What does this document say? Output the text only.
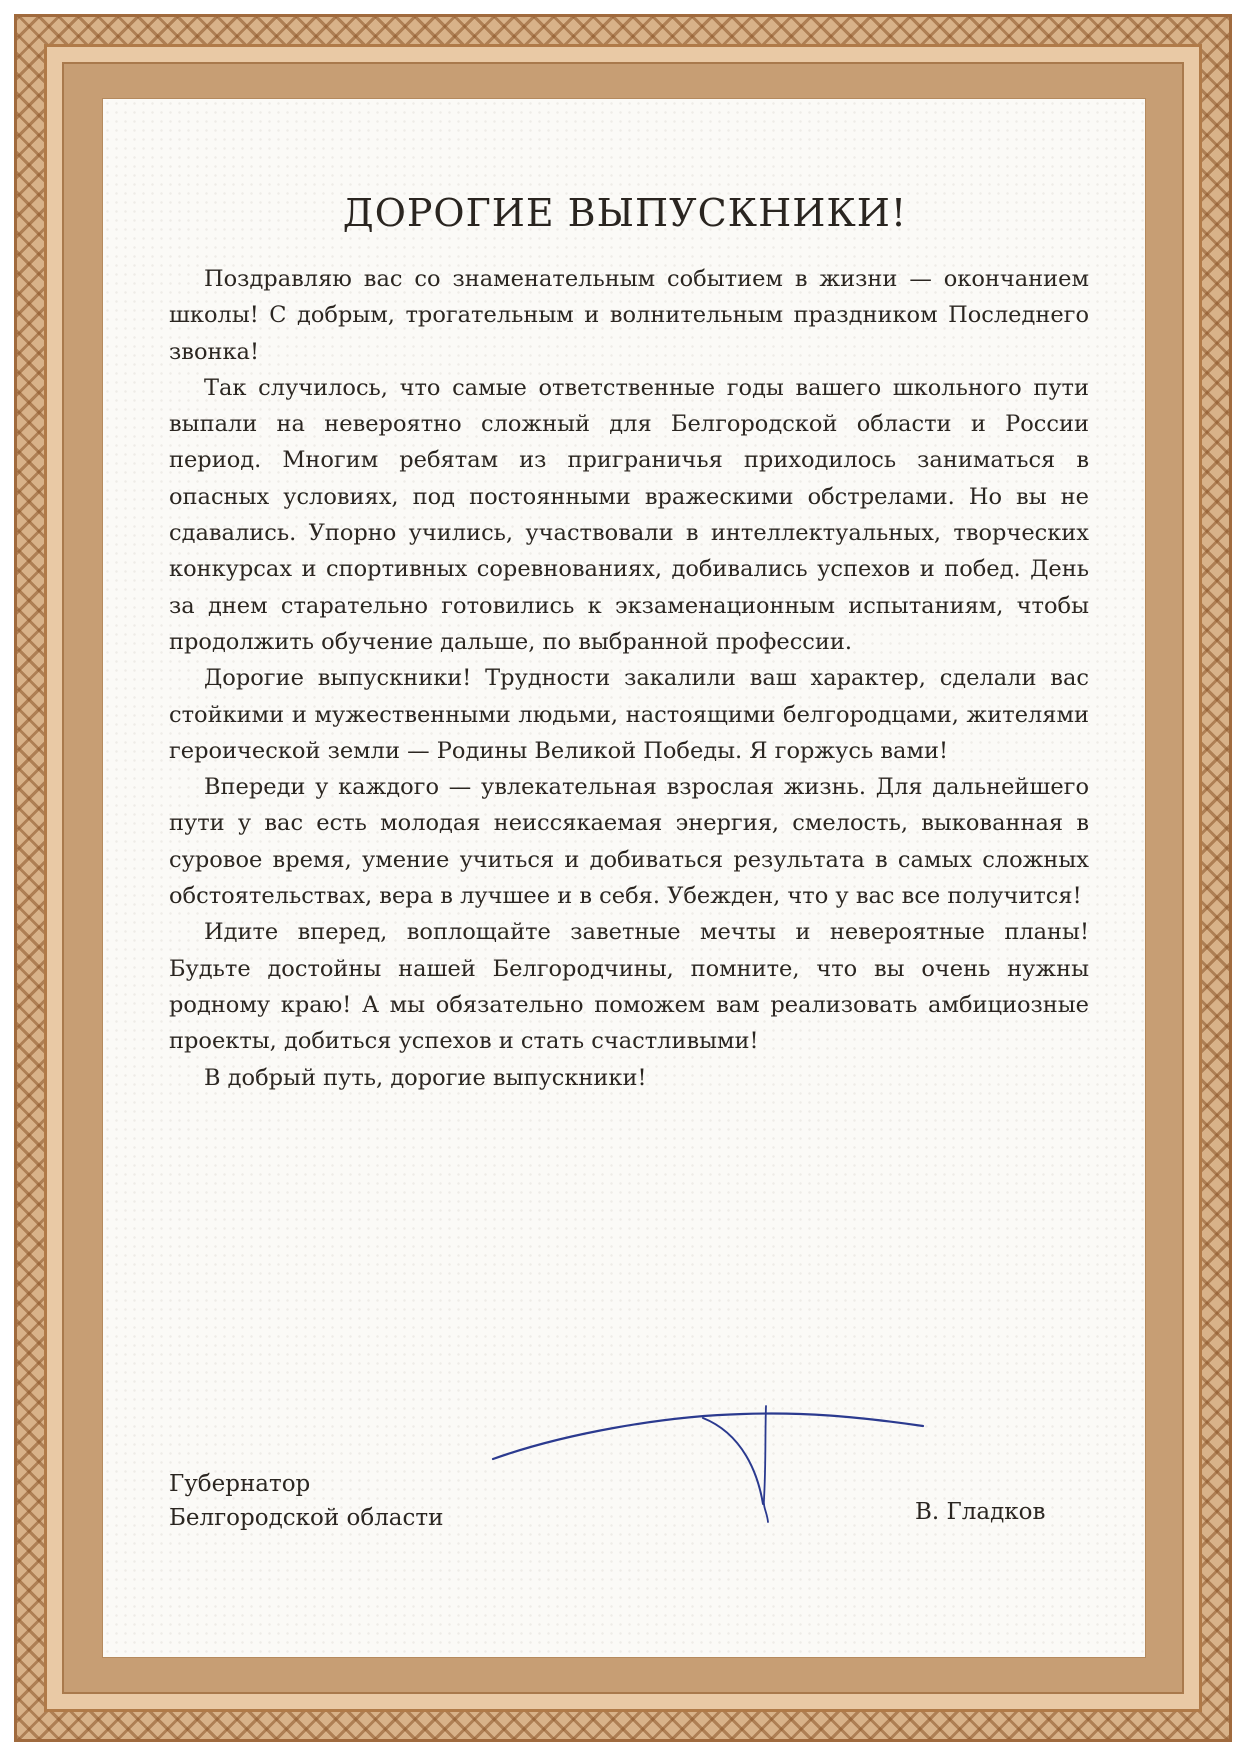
ДОРОГИЕ ВЫПУСКНИКИ!

Поздравляю вас со знаменательным событием в жизни — окончанием школы! С добрым, трогательным и волнительным праздником Последнего звонка!

Так случилось, что самые ответственные годы вашего школьного пути выпали на невероятно сложный для Белгородской области и России период. Многим ребятам из приграничья приходилось заниматься в опасных условиях, под постоянными вражескими обстрелами. Но вы не сдавались. Упорно учились, участвовали в интеллектуальных, творческих конкурсах и спортивных соревнованиях, добивались успехов и побед. День за днем старательно готовились к экзаменационным испытаниям, чтобы продолжить обучение дальше, по выбранной профессии.

Дорогие выпускники! Трудности закалили ваш характер, сделали вас стойкими и мужественными людьми, настоящими белгородцами, жителями героической земли — Родины Великой Победы. Я горжусь вами!

Впереди у каждого — увлекательная взрослая жизнь. Для дальнейшего пути у вас есть молодая неиссякаемая энергия, смелость, выкованная в суровое время, умение учиться и добиваться результата в самых сложных обстоятельствах, вера в лучшее и в себя. Убежден, что у вас все получится!

Идите вперед, воплощайте заветные мечты и невероятные планы! Будьте достойны нашей Белгородчины, помните, что вы очень нужны родному краю! А мы обязательно поможем вам реализовать амбициозные проекты, добиться успехов и стать счастливыми!

В добрый путь, дорогие выпускники!

Губернатор
Белгородской области	В. Гладков
